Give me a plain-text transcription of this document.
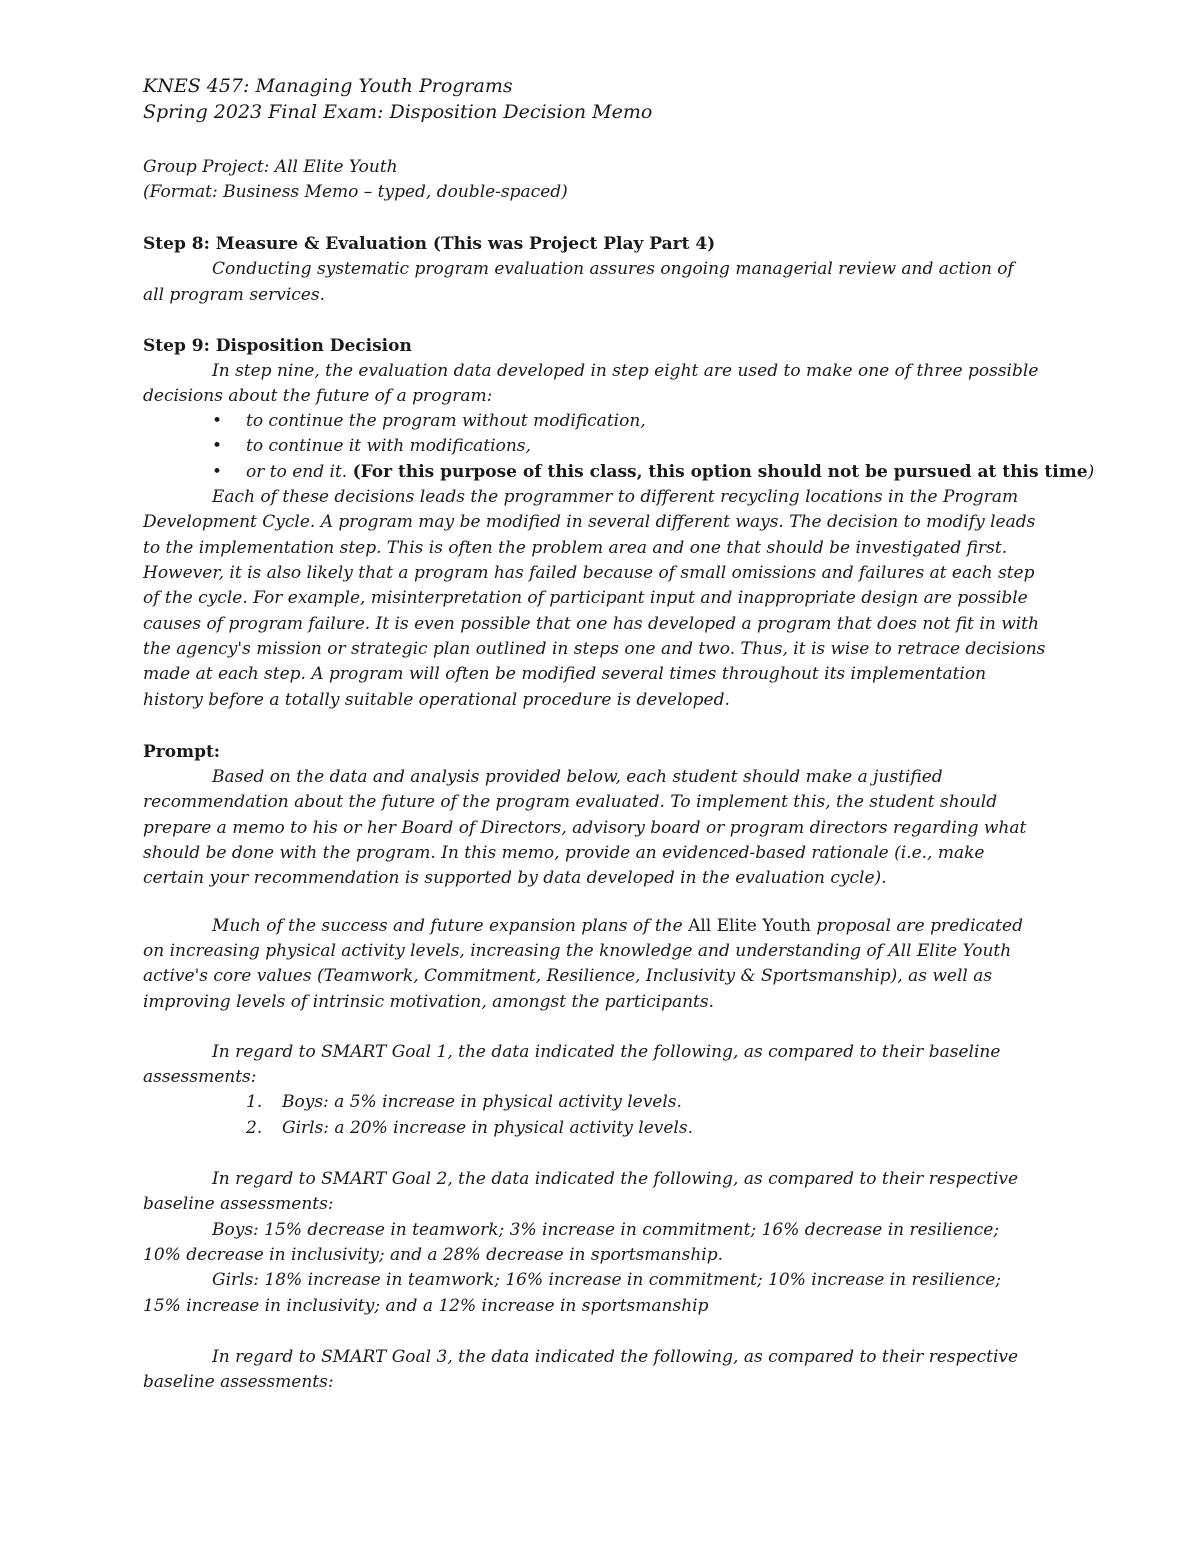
KNES 457: Managing Youth Programs
Spring 2023 Final Exam: Disposition Decision Memo
Group Project: All Elite Youth
(Format: Business Memo – typed, double-spaced)
Step 8: Measure & Evaluation (This was Project Play Part 4)
Conducting systematic program evaluation assures ongoing managerial review and action of
all program services.
Step 9: Disposition Decision
In step nine, the evaluation data developed in step eight are used to make one of three possible
decisions about the future of a program:
• to continue the program without modification,
• to continue it with modifications,
• or to end it. (For this purpose of this class, this option should not be pursued at this time)
Each of these decisions leads the programmer to different recycling locations in the Program
Development Cycle. A program may be modified in several different ways. The decision to modify leads
to the implementation step. This is often the problem area and one that should be investigated first.
However, it is also likely that a program has failed because of small omissions and failures at each step
of the cycle. For example, misinterpretation of participant input and inappropriate design are possible
causes of program failure. It is even possible that one has developed a program that does not fit in with
the agency's mission or strategic plan outlined in steps one and two. Thus, it is wise to retrace decisions
made at each step. A program will often be modified several times throughout its implementation
history before a totally suitable operational procedure is developed.
Prompt:
Based on the data and analysis provided below, each student should make a justified
recommendation about the future of the program evaluated. To implement this, the student should
prepare a memo to his or her Board of Directors, advisory board or program directors regarding what
should be done with the program. In this memo, provide an evidenced-based rationale (i.e., make
certain your recommendation is supported by data developed in the evaluation cycle).
Much of the success and future expansion plans of the All Elite Youth proposal are predicated
on increasing physical activity levels, increasing the knowledge and understanding of All Elite Youth
active's core values (Teamwork, Commitment, Resilience, Inclusivity & Sportsmanship), as well as
improving levels of intrinsic motivation, amongst the participants.
In regard to SMART Goal 1, the data indicated the following, as compared to their baseline
assessments:
1. Boys: a 5% increase in physical activity levels.
2. Girls: a 20% increase in physical activity levels.
In regard to SMART Goal 2, the data indicated the following, as compared to their respective
baseline assessments:
Boys: 15% decrease in teamwork; 3% increase in commitment; 16% decrease in resilience;
10% decrease in inclusivity; and a 28% decrease in sportsmanship.
Girls: 18% increase in teamwork; 16% increase in commitment; 10% increase in resilience;
15% increase in inclusivity; and a 12% increase in sportsmanship
In regard to SMART Goal 3, the data indicated the following, as compared to their respective
baseline assessments:
